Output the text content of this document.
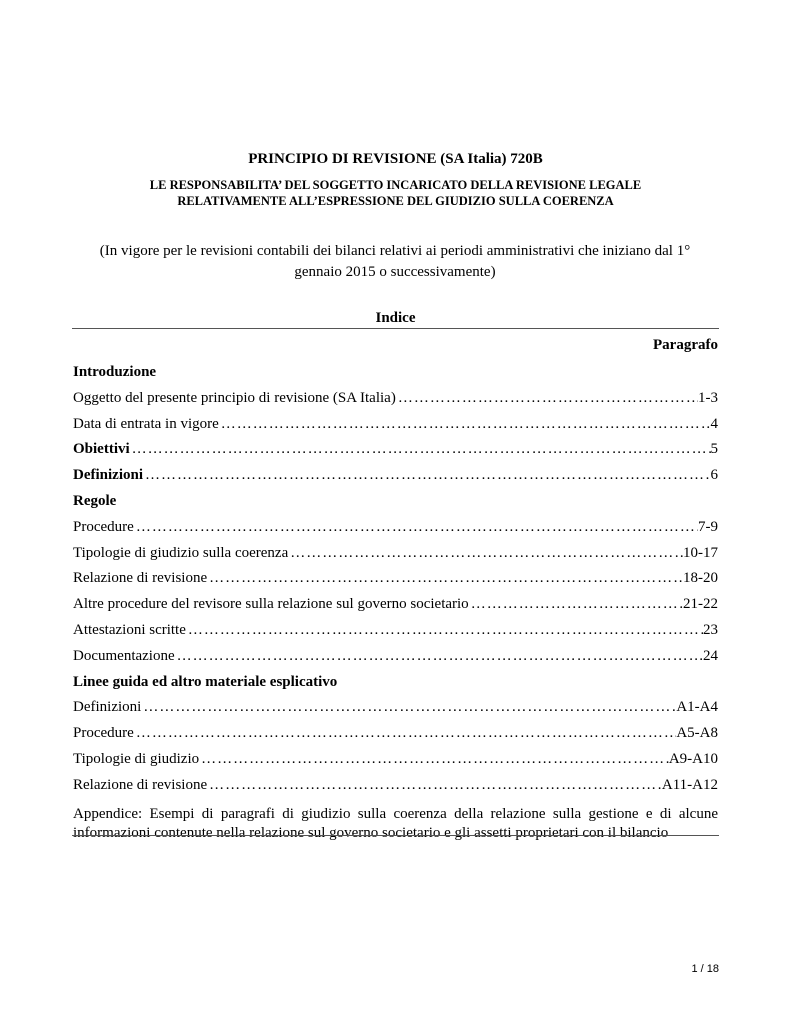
PRINCIPIO DI REVISIONE (SA Italia) 720B
LE RESPONSABILITA’ DEL SOGGETTO INCARICATO DELLA REVISIONE LEGALE
RELATIVAMENTE ALL’ESPRESSIONE DEL GIUDIZIO SULLA COERENZA
(In vigore per le revisioni contabili dei bilanci relativi ai periodi amministrativi che iniziano dal 1°
gennaio 2015 o successivamente)
Indice
Paragrafo
Introduzione
Oggetto del presente principio di revisione (SA Italia) ……………………………………………………………………………………………………………………………………………………………………………………	1-3
Data di entrata in vigore ……………………………………………………………………………………………………………………………………………………………………………………	4
Obiettivi ……………………………………………………………………………………………………………………………………………………………………………………	5
Definizioni ……………………………………………………………………………………………………………………………………………………………………………………	6
Regole
Procedure ……………………………………………………………………………………………………………………………………………………………………………………	7-9
Tipologie di giudizio sulla coerenza ……………………………………………………………………………………………………………………………………………………………………………………	10-17
Relazione di revisione ……………………………………………………………………………………………………………………………………………………………………………………	18-20
Altre procedure del revisore sulla relazione sul governo societario ……………………………………………………………………………………………………………………………………………………………………………………	21-22
Attestazioni scritte ……………………………………………………………………………………………………………………………………………………………………………………	23
Documentazione ……………………………………………………………………………………………………………………………………………………………………………………	24
Linee guida ed altro materiale esplicativo
Definizioni ……………………………………………………………………………………………………………………………………………………………………………………	A1-A4
Procedure ……………………………………………………………………………………………………………………………………………………………………………………	A5-A8
Tipologie di giudizio ……………………………………………………………………………………………………………………………………………………………………………………	A9-A10
Relazione di revisione ……………………………………………………………………………………………………………………………………………………………………………………	A11-A12
Appendice: Esempi di paragrafi di giudizio sulla coerenza della relazione sulla gestione e di alcune informazioni contenute nella relazione sul governo societario e gli assetti proprietari con il bilancio
1 / 18
